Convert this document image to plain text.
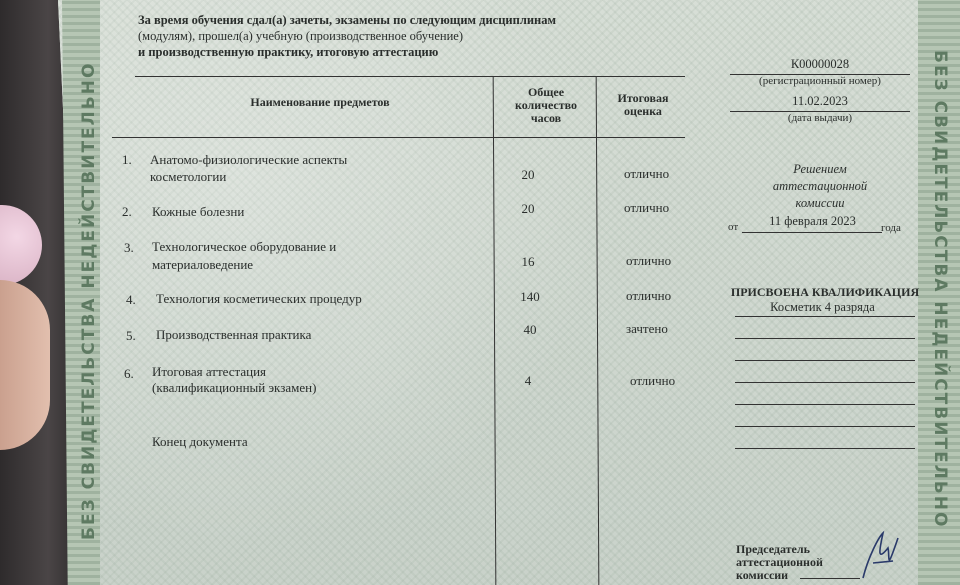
БЕЗ СВИДЕТЕЛЬСТВА НЕДЕЙСТВИТЕЛЬНО	БЕЗ СВИДЕТЕЛЬСТВА НЕДЕЙСТВИТЕЛЬНО
За время обучения сдал(а) зачеты, экзамены по следующим дисциплинам
(модулям), прошел(а) учебную (производственное обучение)
и производственную практику, итоговую аттестацию
Наименование предметов
Общее количество часов
Итоговая оценка
1. Анатомо-физиологические аспекты
косметологии	20	отлично
2. Кожные болезни	20	отлично
3. Технологическое оборудование и
материаловедение	16	отлично
4. Технология косметических процедур	140	отлично
5. Производственная практика	40	зачтено
6. Итоговая аттестация
(квалификационный экзамен)	4	отлично
Конец документа
К00000028
(регистрационный номер)
11.02.2023
(дата выдачи)
Решением
аттестационной
комиссии
от	11 февраля 2023	года
ПРИСВОЕНА КВАЛИФИКАЦИЯ
Косметик 4 разряда
Председатель
аттестационной
комиссии
